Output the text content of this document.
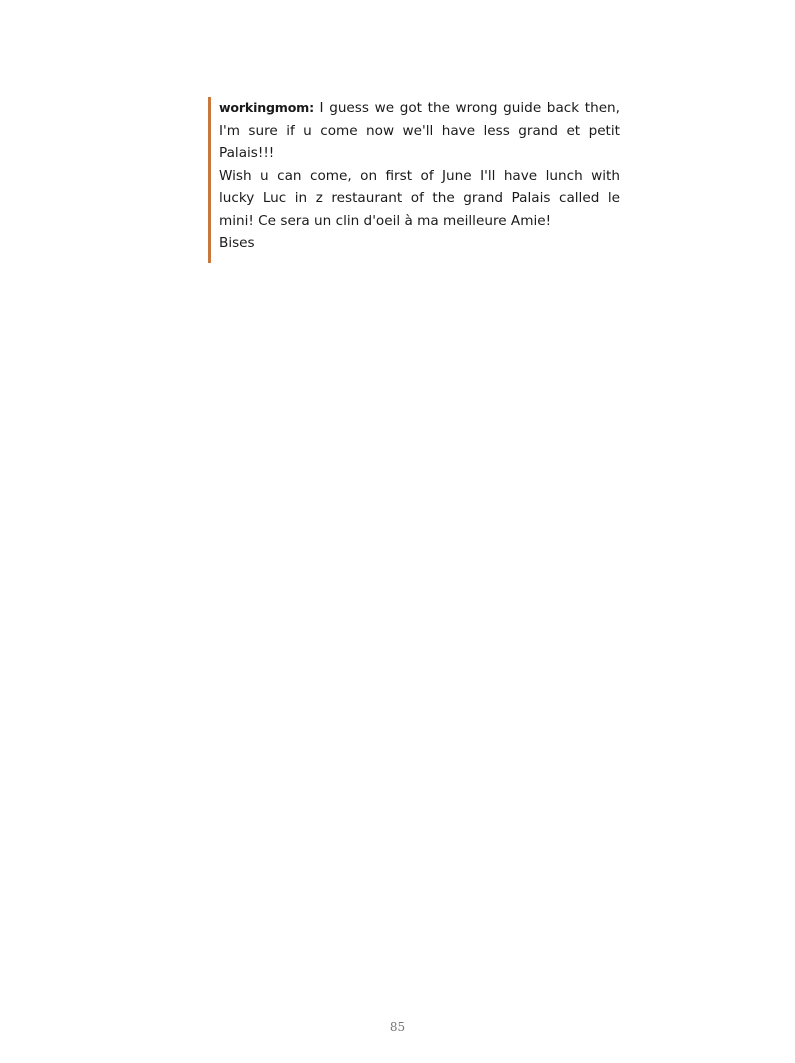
workingmom: I guess we got the wrong guide back then,
I'm sure if u come now we'll have less grand et petit
Palais!!!
Wish u can come, on first of June I'll have lunch with
lucky Luc in z restaurant of the grand Palais called le
mini! Ce sera un clin d'oeil à ma meilleure Amie!
Bises
85
